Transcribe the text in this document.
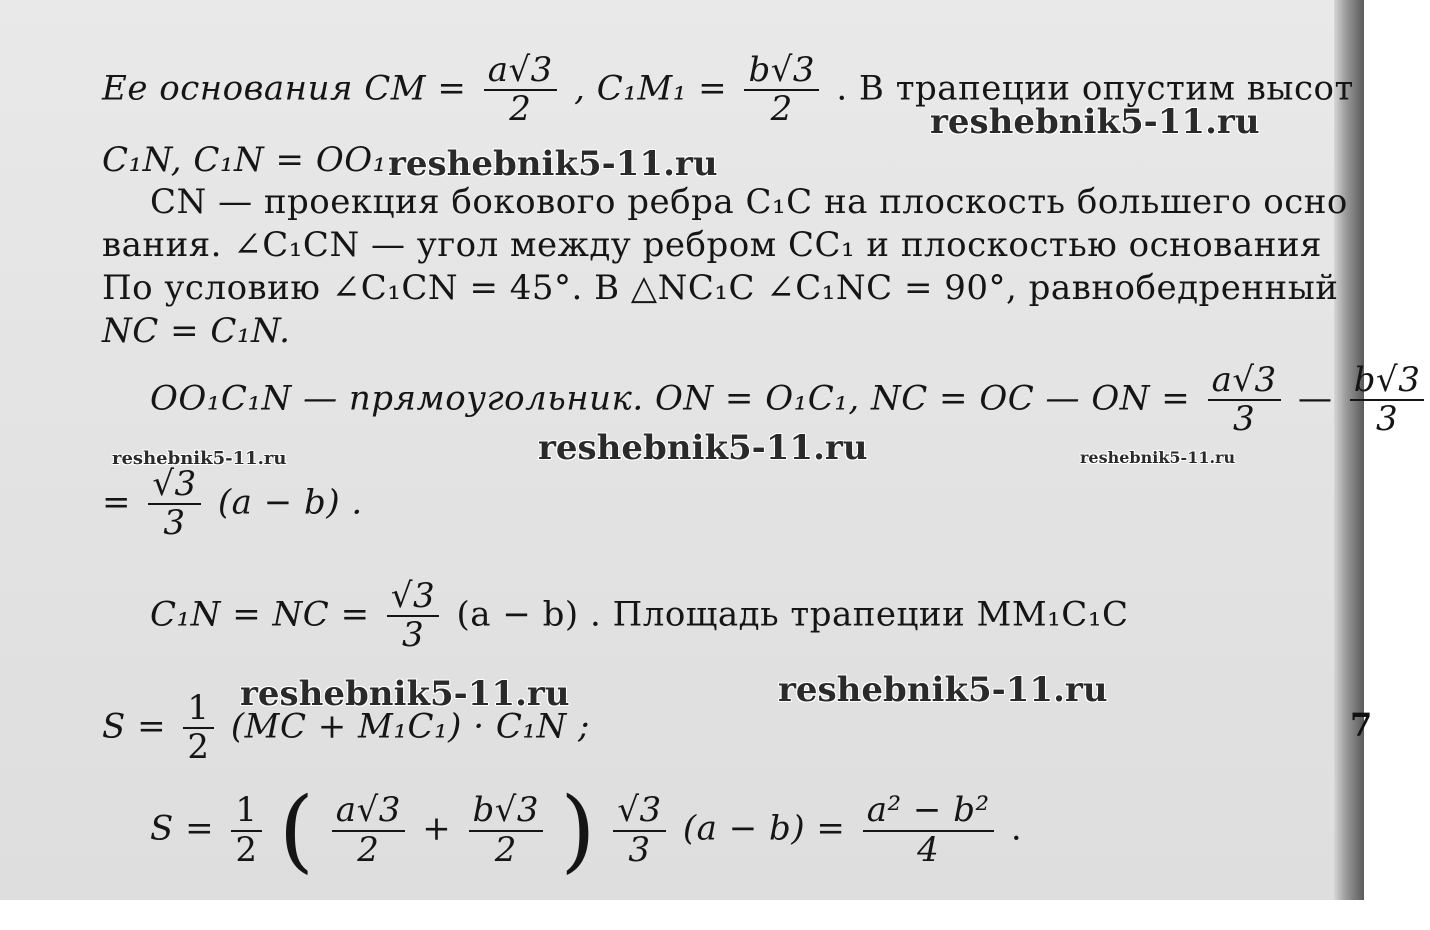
Ее основания CM = $\frac{a√3}{2}$ , $C_1M_1 = \frac{b√3}{2}$ . В трапеции опустим высот
C₁N, C₁N = OO₁.
CN — проекция бокового ребра C₁C на плоскость большего осно
вания. ∠C₁CN — угол между ребром CC₁ и плоскостью основания
По условию ∠C₁CN = 45°. В △NC₁C ∠C₁NC = 90°, равнобедренный
NC = C₁N.
OO₁C₁N — прямоугольник. ON = O₁C₁, NC = OC — ON = $\frac{a√3}{3}$ — $\frac{b√3}{3}$
= $\frac{√3}{3} (a - b)$ .
C₁N = NC = $\frac{√3}{3} (a - b)$ . Площадь трапеции MM₁C₁C
$S = \frac{1}{2} (MC + M_1C_1) \cdot C_1N$ ;
$S = \frac{1}{2}$ ( $\frac{a√3}{2} + \frac{b√3}{2}$ ) $\frac{√3}{3} (a - b) = \frac{\text{a² − b²}}{4}$ .
reshebnik5-11.ru
reshebnik5-11.ru
reshebnik5-11.ru
reshebnik5-11.ru	reshebnik5-11.ru
reshebnik5-11.ru	reshebnik5-11.ru
7
